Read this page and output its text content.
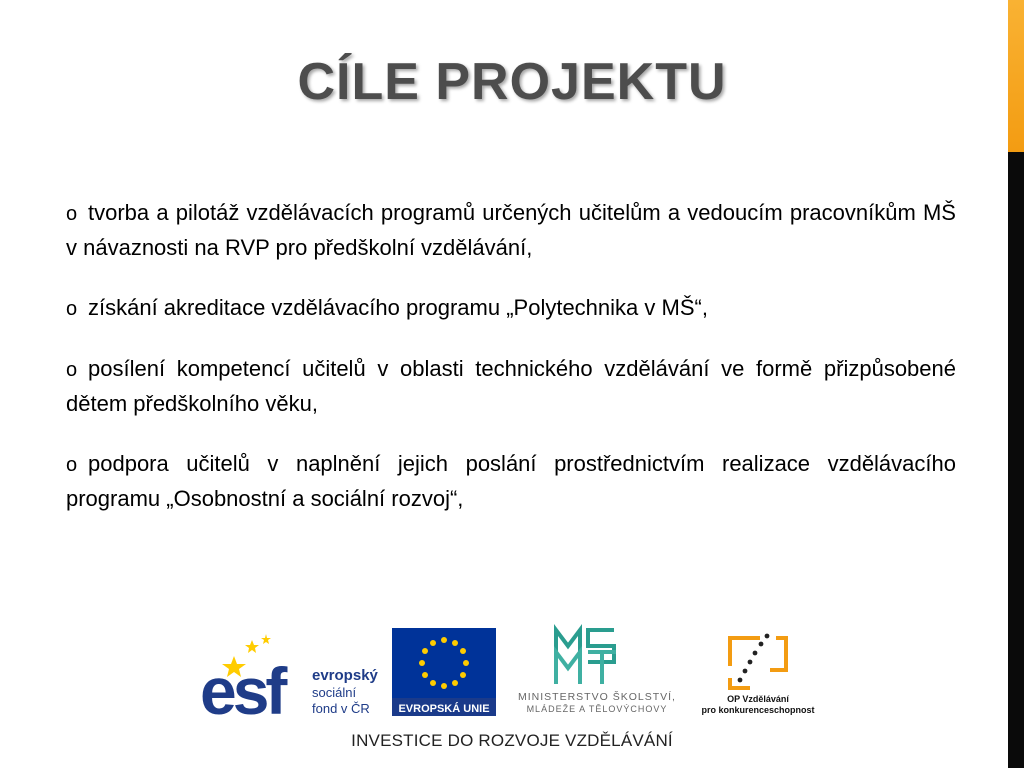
CÍLE PROJEKTU

o tvorba a pilotáž vzdělávacích programů určených učitelům a vedoucím pracovníkům MŠ v návaznosti na RVP pro předškolní vzdělávání,

o získání akreditace vzdělávacího programu „Polytechnika v MŠ“,

o posílení kompetencí učitelů v oblasti technického vzdělávání ve formě přizpůsobené dětem předškolního věku,

o podpora učitelů v naplnění jejich poslání prostřednictvím realizace vzdělávacího programu „Osobnostní a sociální rozvoj“,

esf	evropský
sociální
fond v ČR	EVROPSKÁ UNIE
MINISTERSTVO ŠKOLSTVÍ,
MLÁDEŽE A TĚLOVÝCHOVY
OP Vzdělávání
pro konkurenceschopnost
INVESTICE DO ROZVOJE VZDĚLÁVÁNÍ
